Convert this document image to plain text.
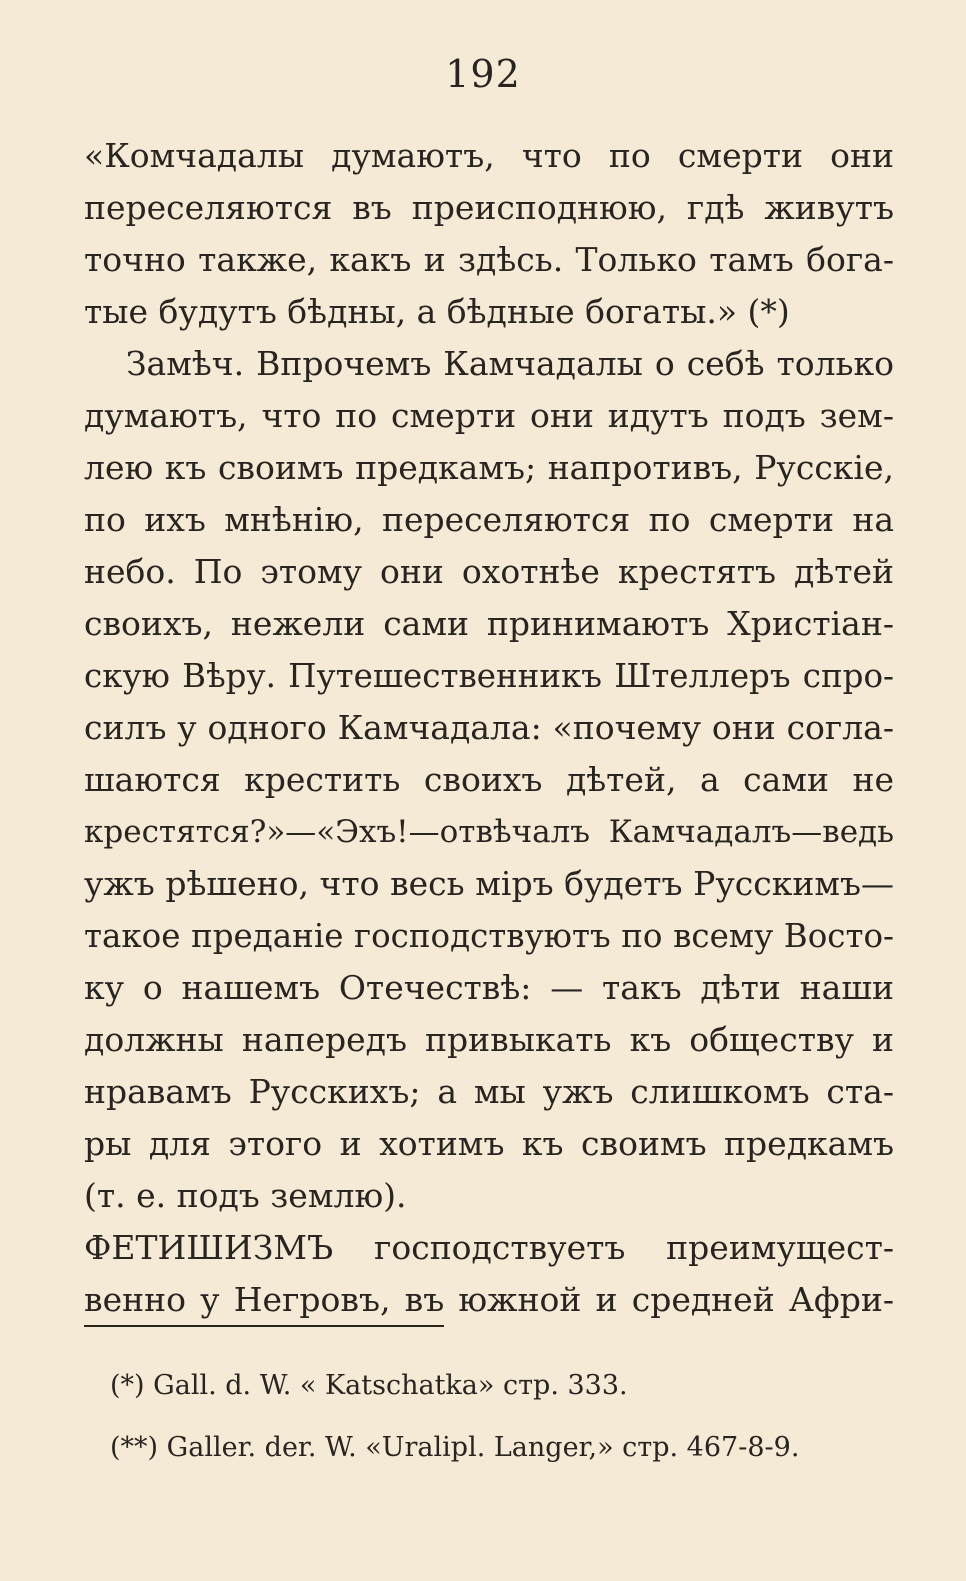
192
«Комчадалы думаютъ, что по смерти они
переселяются въ преисподнюю, гдѣ живутъ
точно также, какъ и здѣсь. Только тамъ бога-
тые будутъ бѣдны, а бѣдные богаты.» (*)
Замѣч. Впрочемъ Камчадалы о себѣ только
думаютъ, что по смерти они идутъ подъ зем-
лею къ своимъ предкамъ; напротивъ, Русскіе,
по ихъ мнѣнію, переселяются по смерти на
небо. По этому они охотнѣе крестятъ дѣтей
своихъ, нежели сами принимаютъ Христіан-
скую Вѣру. Путешественникъ Штеллеръ спро-
силъ у одного Камчадала: «почему они согла-
шаются крестить своихъ дѣтей, а сами не
крестятся?»—«Эхъ!—отвѣчалъ Камчадалъ—ведь
ужъ рѣшено, что весь міръ будетъ Русскимъ—
такое преданіе господствуютъ по всему Восто-
ку о нашемъ Отечествѣ: — такъ дѣти наши
должны напередъ привыкать къ обществу и
нравамъ Русскихъ; а мы ужъ слишкомъ ста-
ры для этого и хотимъ къ своимъ предкамъ
(т. е. подъ землю).
ФЕТИШИЗМЪ господствуетъ преимущест-
венно у Негровъ, въ южной и средней Афри-
(*) Gall. d. W. « Katschatka» стр. 333.
(**) Galler. der. W. «Uralipl. Langer,» стр. 467-8-9.
